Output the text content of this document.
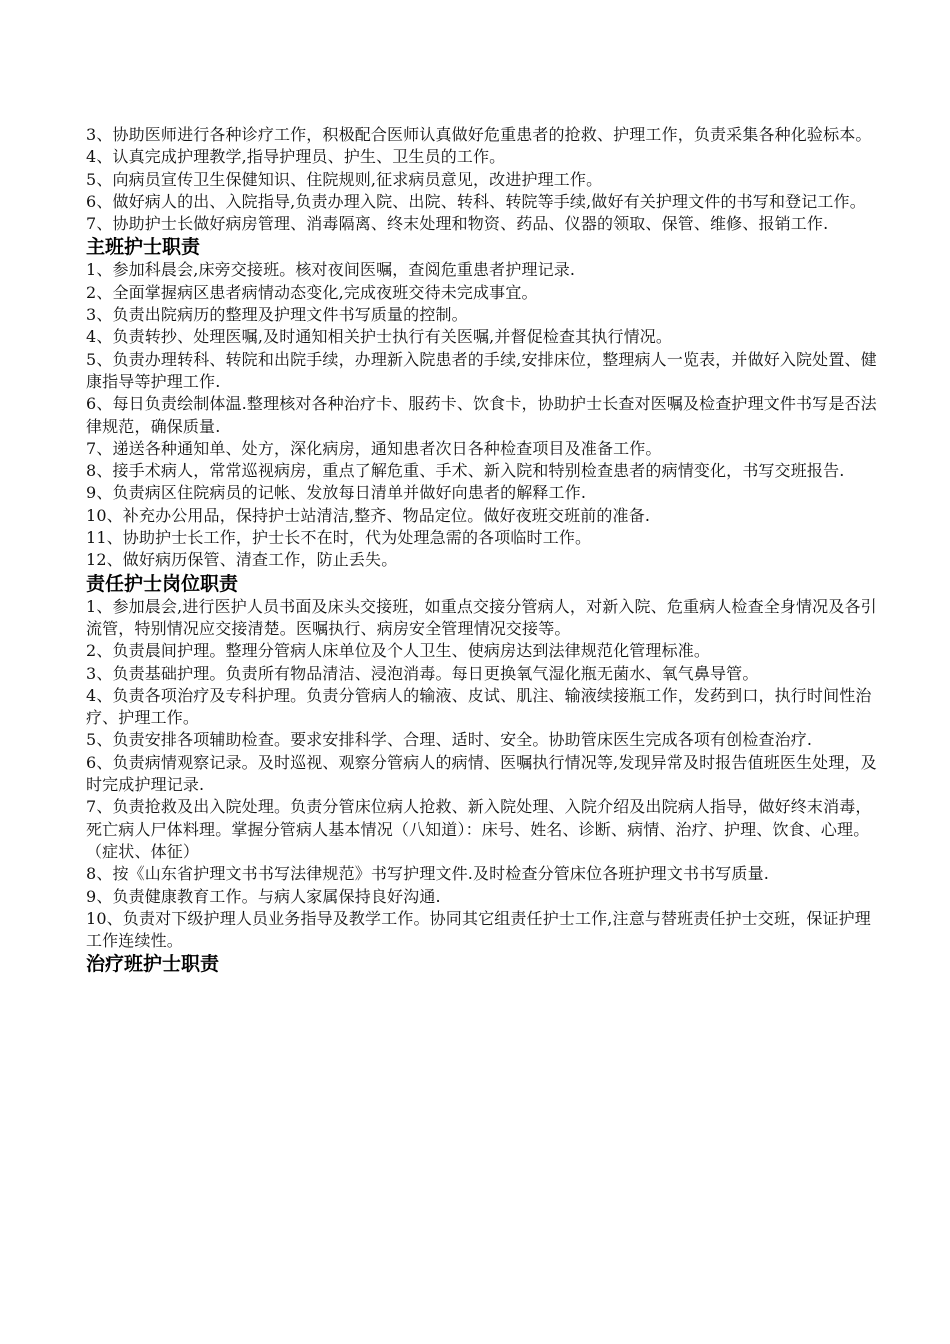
3、协助医师进行各种诊疗工作，积极配合医师认真做好危重患者的抢救、护理工作，负责采集各种化验标本。

4、认真完成护理教学,指导护理员、护生、卫生员的工作。

5、向病员宣传卫生保健知识、住院规则,征求病员意见，改进护理工作。

6、做好病人的出、入院指导,负责办理入院、出院、转科、转院等手续,做好有关护理文件的书写和登记工作。

7、协助护士长做好病房管理、消毒隔离、终末处理和物资、药品、仪器的领取、保管、维修、报销工作.

主班护士职责

1、参加科晨会,床旁交接班。核对夜间医嘱，查阅危重患者护理记录.

2、全面掌握病区患者病情动态变化,完成夜班交待未完成事宜。

3、负责出院病历的整理及护理文件书写质量的控制。

4、负责转抄、处理医嘱,及时通知相关护士执行有关医嘱,并督促检查其执行情况。

5、负责办理转科、转院和出院手续，办理新入院患者的手续,安排床位，整理病人一览表，并做好入院处置、健康指导等护理工作.

6、每日负责绘制体温.整理核对各种治疗卡、服药卡、饮食卡，协助护士长查对医嘱及检查护理文件书写是否法律规范，确保质量.

7、递送各种通知单、处方，深化病房，通知患者次日各种检查项目及准备工作。

8、接手术病人，常常巡视病房，重点了解危重、手术、新入院和特别检查患者的病情变化，书写交班报告.

9、负责病区住院病员的记帐、发放每日清单并做好向患者的解释工作.

10、补充办公用品，保持护士站清洁,整齐、物品定位。做好夜班交班前的准备.

11、协助护士长工作，护士长不在时，代为处理急需的各项临时工作。

12、做好病历保管、清查工作，防止丢失。

责任护士岗位职责

1、参加晨会,进行医护人员书面及床头交接班，如重点交接分管病人，对新入院、危重病人检查全身情况及各引流管，特别情况应交接清楚。医嘱执行、病房安全管理情况交接等。

2、负责晨间护理。整理分管病人床单位及个人卫生、使病房达到法律规范化管理标准。

3、负责基础护理。负责所有物品清洁、浸泡消毒。每日更换氧气湿化瓶无菌水、氧气鼻导管。

4、负责各项治疗及专科护理。负责分管病人的输液、皮试、肌注、输液续接瓶工作，发药到口，执行时间性治疗、护理工作。

5、负责安排各项辅助检查。要求安排科学、合理、适时、安全。协助管床医生完成各项有创检查治疗.

6、负责病情观察记录。及时巡视、观察分管病人的病情、医嘱执行情况等,发现异常及时报告值班医生处理，及时完成护理记录.

7、负责抢救及出入院处理。负责分管床位病人抢救、新入院处理、入院介绍及出院病人指导，做好终末消毒，死亡病人尸体料理。掌握分管病人基本情况（八知道）：床号、姓名、诊断、病情、治疗、护理、饮食、心理。（症状、体征）

8、按《山东省护理文书书写法律规范》书写护理文件.及时检查分管床位各班护理文书书写质量.

9、负责健康教育工作。与病人家属保持良好沟通.

10、负责对下级护理人员业务指导及教学工作。协同其它组责任护士工作,注意与替班责任护士交班，保证护理工作连续性。

治疗班护士职责
